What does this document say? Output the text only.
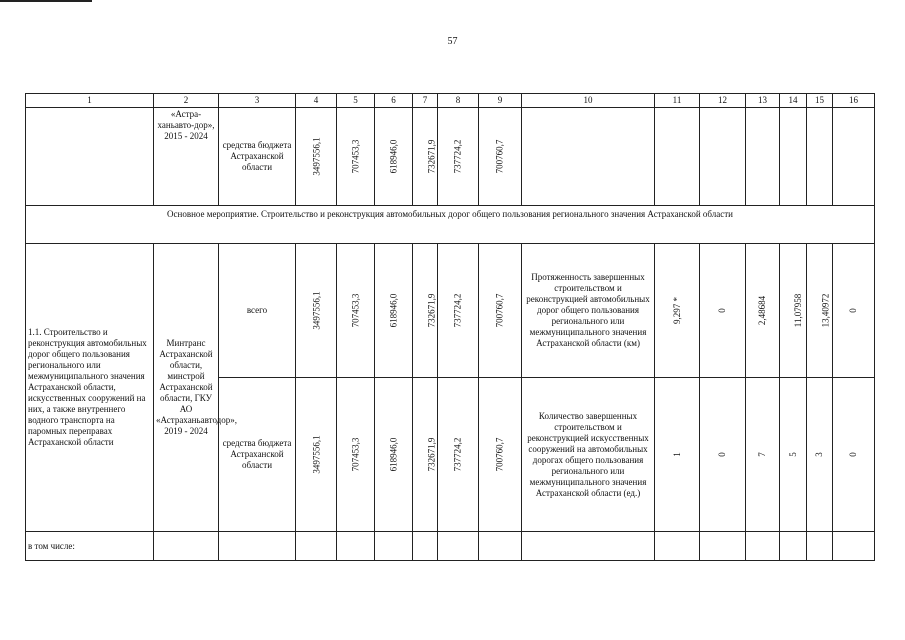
57
1	2	3	4	5	6	7	8	9	10	11	12	13	14	15	16
	«Астра-ханьавто-дор», 2015 - 2024	средства бюджета Астраханской области	3497556,1	707453,3	618946,0	732671,9	737724,2	700760,7							
Основное мероприятие. Строительство и реконструкция автомобильных дорог общего пользования регионального значения Астраханской области															
1.1. Строительство и реконструкция автомобильных дорог общего пользования регионального или межмуниципального значения Астраханской области, искусственных сооружений на них, а также внутреннего водного транспорта на паромных переправах Астраханской области	Минтранс Астраханской области, минстрой Астраханской области, ГКУ АО «Астраханьавтодор», 2019 - 2024	всего	3497556,1	707453,3	618946,0	732671,9	737724,2	700760,7	Протяженность завершенных строительством и реконструкцией автомобильных дорог общего пользования регионального или межмуниципального значения Астраханской области (км)	9,297 *	0	2,48684	11,07958	13,40972	0
		средства бюджета Астраханской области	3497556,1	707453,3	618946,0	732671,9	737724,2	700760,7	Количество завершенных строительством и реконструкцией искусственных сооружений на автомобильных дорогах общего пользования регионального или межмуниципального значения Астраханской области (ед.)	1	0	7	5	3	0
в том числе:															
